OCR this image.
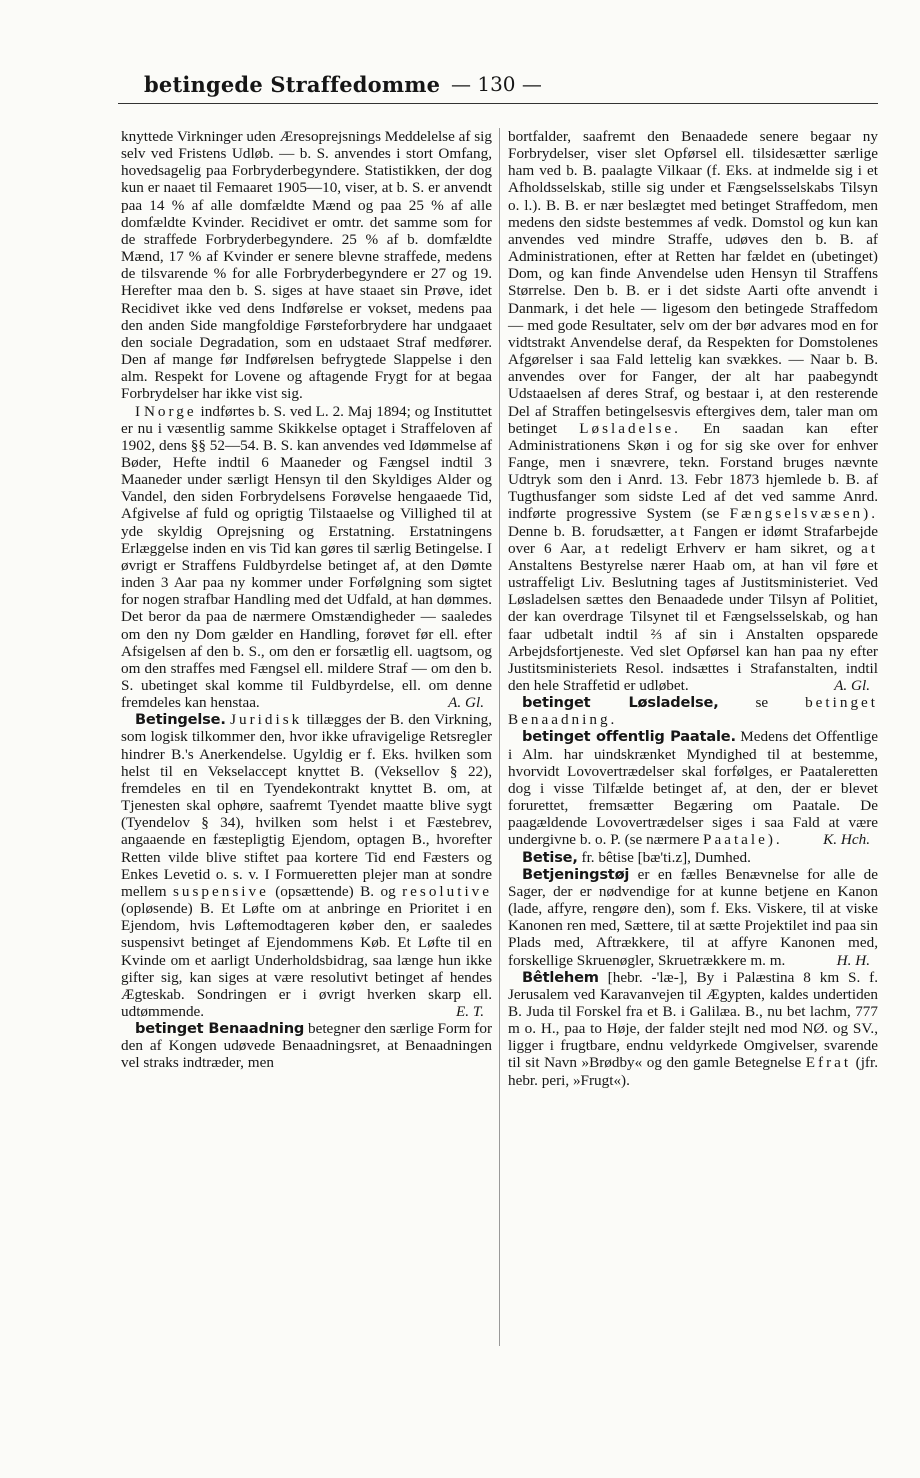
betingede Straffedomme — 130 —

knyttede Virkninger uden Æresoprejsnings Meddelelse af sig selv ved Fristens Udløb. — b. S. anvendes i stort Omfang, hovedsagelig paa Forbryderbegyndere. Statistikken, der dog kun er naaet til Femaaret 1905—10, viser, at b. S. er anvendt paa 14 % af alle domfældte Mænd og paa 25 % af alle domfældte Kvinder. Recidivet er omtr. det samme som for de straffede Forbryderbegyndere. 25 % af b. domfældte Mænd, 17 % af Kvinder er senere blevne straffede, medens de tilsvarende % for alle Forbryderbegyndere er 27 og 19. Herefter maa den b. S. siges at have staaet sin Prøve, idet Recidivet ikke ved dens Indførelse er vokset, medens paa den anden Side mangfoldige Førsteforbrydere har undgaaet den sociale Degradation, som en udstaaet Straf medfører. Den af mange før Indførelsen befrygtede Slappelse i den alm. Respekt for Lovene og aftagende Frygt for at begaa Forbrydelser har ikke vist sig.

I Norge indførtes b. S. ved L. 2. Maj 1894; og Instituttet er nu i væsentlig samme Skikkelse optaget i Straffeloven af 1902, dens §§ 52—54. B. S. kan anvendes ved Idømmelse af Bøder, Hefte indtil 6 Maaneder og Fængsel indtil 3 Maaneder under særligt Hensyn til den Skyldiges Alder og Vandel, den siden Forbrydelsens Forøvelse hengaaede Tid, Afgivelse af fuld og oprigtig Tilstaaelse og Villighed til at yde skyldig Oprejsning og Erstatning. Erstatningens Erlæggelse inden en vis Tid kan gøres til særlig Betingelse. I øvrigt er Straffens Fuldbyrdelse betinget af, at den Dømte inden 3 Aar paa ny kommer under Forfølgning som sigtet for nogen strafbar Handling med det Udfald, at han dømmes. Det beror da paa de nærmere Omstændigheder — saaledes om den ny Dom gælder en Handling, forøvet før ell. efter Afsigelsen af den b. S., om den er forsætlig ell. uagtsom, og om den straffes med Fængsel ell. mildere Straf — om den b. S. ubetinget skal komme til Fuldbyrdelse, ell. om denne fremdeles kan henstaa.	A. Gl.

Betingelse. Juridisk tillægges der B. den Virkning, som logisk tilkommer den, hvor ikke ufravigelige Retsregler hindrer B.'s Anerkendelse. Ugyldig er f. Eks. hvilken som helst til en Vekselaccept knyttet B. (Veksellov § 22), fremdeles en til en Tyendekontrakt knyttet B. om, at Tjenesten skal ophøre, saafremt Tyendet maatte blive sygt (Tyendelov § 34), hvilken som helst i et Fæstebrev, angaaende en fæstepligtig Ejendom, optagen B., hvorefter Retten vilde blive stiftet paa kortere Tid end Fæsters og Enkes Levetid o. s. v. I Formueretten plejer man at sondre mellem suspensive (opsættende) B. og resolutive (opløsende) B. Et Løfte om at anbringe en Prioritet i en Ejendom, hvis Løftemodtageren køber den, er saaledes suspensivt betinget af Ejendommens Køb. Et Løfte til en Kvinde om et aarligt Underholdsbidrag, saa længe hun ikke gifter sig, kan siges at være resolutivt betinget af hendes Ægteskab. Sondringen er i øvrigt hverken skarp ell. udtømmende.	E. T.

betinget Benaadning betegner den særlige Form for den af Kongen udøvede Benaadningsret, at Benaadningen vel straks indtræder, men

bortfalder, saafremt den Benaadede senere begaar ny Forbrydelser, viser slet Opførsel ell. tilsidesætter særlige ham ved b. B. paalagte Vilkaar (f. Eks. at indmelde sig i et Afholdsselskab, stille sig under et Fængselsselskabs Tilsyn o. l.). B. B. er nær beslægtet med betinget Straffedom, men medens den sidste bestemmes af vedk. Domstol og kun kan anvendes ved mindre Straffe, udøves den b. B. af Administrationen, efter at Retten har fældet en (ubetinget) Dom, og kan finde Anvendelse uden Hensyn til Straffens Størrelse. Den b. B. er i det sidste Aarti ofte anvendt i Danmark, i det hele — ligesom den betingede Straffedom — med gode Resultater, selv om der bør advares mod en for vidtstrakt Anvendelse deraf, da Respekten for Domstolenes Afgørelser i saa Fald lettelig kan svækkes. — Naar b. B. anvendes over for Fanger, der alt har paabegyndt Udstaaelsen af deres Straf, og bestaar i, at den resterende Del af Straffen betingelsesvis eftergives dem, taler man om betinget Løsladelse. En saadan kan efter Administrationens Skøn i og for sig ske over for enhver Fange, men i snævrere, tekn. Forstand bruges nævnte Udtryk som den i Anrd. 13. Febr 1873 hjemlede b. B. af Tugthusfanger som sidste Led af det ved samme Anrd. indførte progressive System (se Fængselsvæsen). Denne b. B. forudsætter, at Fangen er idømt Strafarbejde over 6 Aar, at redeligt Erhverv er ham sikret, og at Anstaltens Bestyrelse nærer Haab om, at han vil føre et ustraffeligt Liv. Beslutning tages af Justitsministeriet. Ved Løsladelsen sættes den Benaadede under Tilsyn af Politiet, der kan overdrage Tilsynet til et Fængselsselskab, og han faar udbetalt indtil ⅔ af sin i Anstalten opsparede Arbejdsfortjeneste. Ved slet Opførsel kan han paa ny efter Justitsministeriets Resol. indsættes i Strafanstalten, indtil den hele Straffetid er udløbet.	A. Gl.

betinget Løsladelse, se betinget Benaadning.

betinget offentlig Paatale. Medens det Offentlige i Alm. har uindskrænket Myndighed til at bestemme, hvorvidt Lovovertrædelser skal forfølges, er Paataleretten dog i visse Tilfælde betinget af, at den, der er blevet forurettet, fremsætter Begæring om Paatale. De paagældende Lovovertrædelser siges i saa Fald at være undergivne b. o. P. (se nærmere Paatale).	K. Hch.

Betise, fr. bêtise [bæ'ti.z], Dumhed.

Betjeningstøj er en fælles Benævnelse for alle de Sager, der er nødvendige for at kunne betjene en Kanon (lade, affyre, rengøre den), som f. Eks. Viskere, til at viske Kanonen ren med, Sættere, til at sætte Projektilet ind paa sin Plads med, Aftrækkere, til at affyre Kanonen med, forskellige Skruenøgler, Skruetrækkere m. m.	H. H.

Bêtlehem [hebr. -'læ-], By i Palæstina 8 km S. f. Jerusalem ved Karavanvejen til Ægypten, kaldes undertiden B. Juda til Forskel fra et B. i Galilæa. B., nu bet lachm, 777 m o. H., paa to Høje, der falder stejlt ned mod NØ. og SV., ligger i frugtbare, endnu veldyrkede Omgivelser, svarende til sit Navn »Brødby« og den gamle Betegnelse Efrat (jfr. hebr. peri, »Frugt«).
